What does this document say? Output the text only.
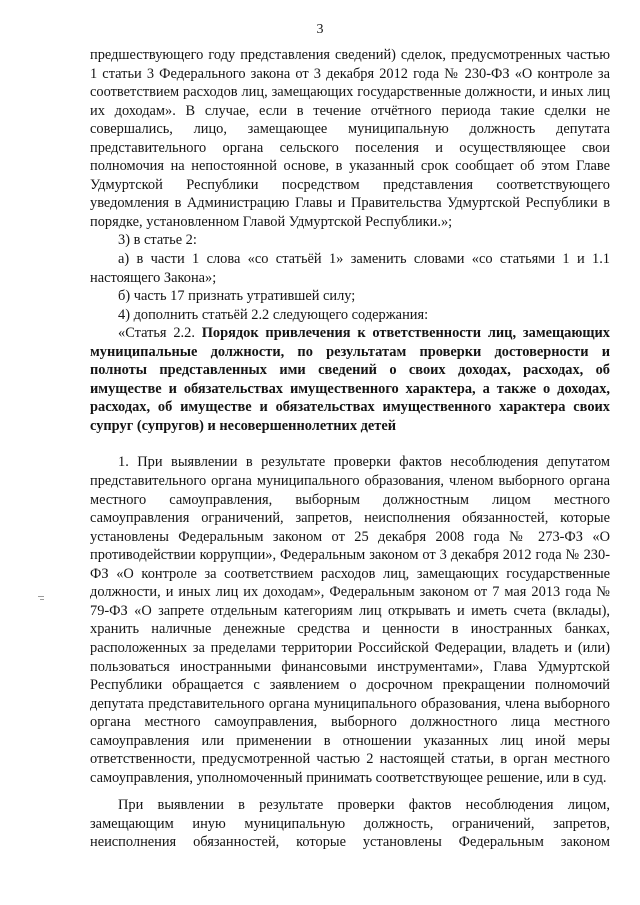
3

предшествующего году представления сведений) сделок, предусмотренных частью 1 статьи 3 Федерального закона от 3 декабря 2012 года № 230-ФЗ «О контроле за соответствием расходов лиц, замещающих государственные должности, и иных лиц их доходам». В случае, если в течение отчётного периода такие сделки не совершались, лицо, замещающее муниципальную должность депутата представительного органа сельского поселения и осуществляющее свои полномочия на непостоянной основе, в указанный срок сообщает об этом Главе Удмуртской Республики посредством представления соответствующего уведомления в Администрацию Главы и Правительства Удмуртской Республики в порядке, установленном Главой Удмуртской Республики.»;

3) в статье 2:

а) в части 1 слова «со статьёй 1» заменить словами «со статьями 1 и 1.1 настоящего Закона»;

б) часть 17 признать утратившей силу;

4) дополнить статьёй 2.2 следующего содержания:

«Статья 2.2. Порядок привлечения к ответственности лиц, замещающих муниципальные должности, по результатам проверки достоверности и полноты представленных ими сведений о своих доходах, расходах, об имуществе и обязательствах имущественного характера, а также о доходах, расходах, об имуществе и обязательствах имущественного характера своих супруг (супругов) и несовершеннолетних детей

1. При выявлении в результате проверки фактов несоблюдения депутатом представительного органа муниципального образования, членом выборного органа местного самоуправления, выборным должностным лицом местного самоуправления ограничений, запретов, неисполнения обязанностей, которые установлены Федеральным законом от 25 декабря 2008 года № 273-ФЗ «О противодействии коррупции», Федеральным законом от 3 декабря 2012 года № 230-ФЗ «О контроле за соответствием расходов лиц, замещающих государственные должности, и иных лиц их доходам», Федеральным законом от 7 мая 2013 года № 79-ФЗ «О запрете отдельным категориям лиц открывать и иметь счета (вклады), хранить наличные денежные средства и ценности в иностранных банках, расположенных за пределами территории Российской Федерации, владеть и (или) пользоваться иностранными финансовыми инструментами», Глава Удмуртской Республики обращается с заявлением о досрочном прекращении полномочий депутата представительного органа муниципального образования, члена выборного органа местного самоуправления, выборного должностного лица местного самоуправления или применении в отношении указанных лиц иной меры ответственности, предусмотренной частью 2 настоящей статьи, в орган местного самоуправления, уполномоченный принимать соответствующее решение, или в суд.

При выявлении в результате проверки фактов несоблюдения лицом, замещающим иную муниципальную должность, ограничений, запретов, неисполнения обязанностей, которые установлены Федеральным законом
